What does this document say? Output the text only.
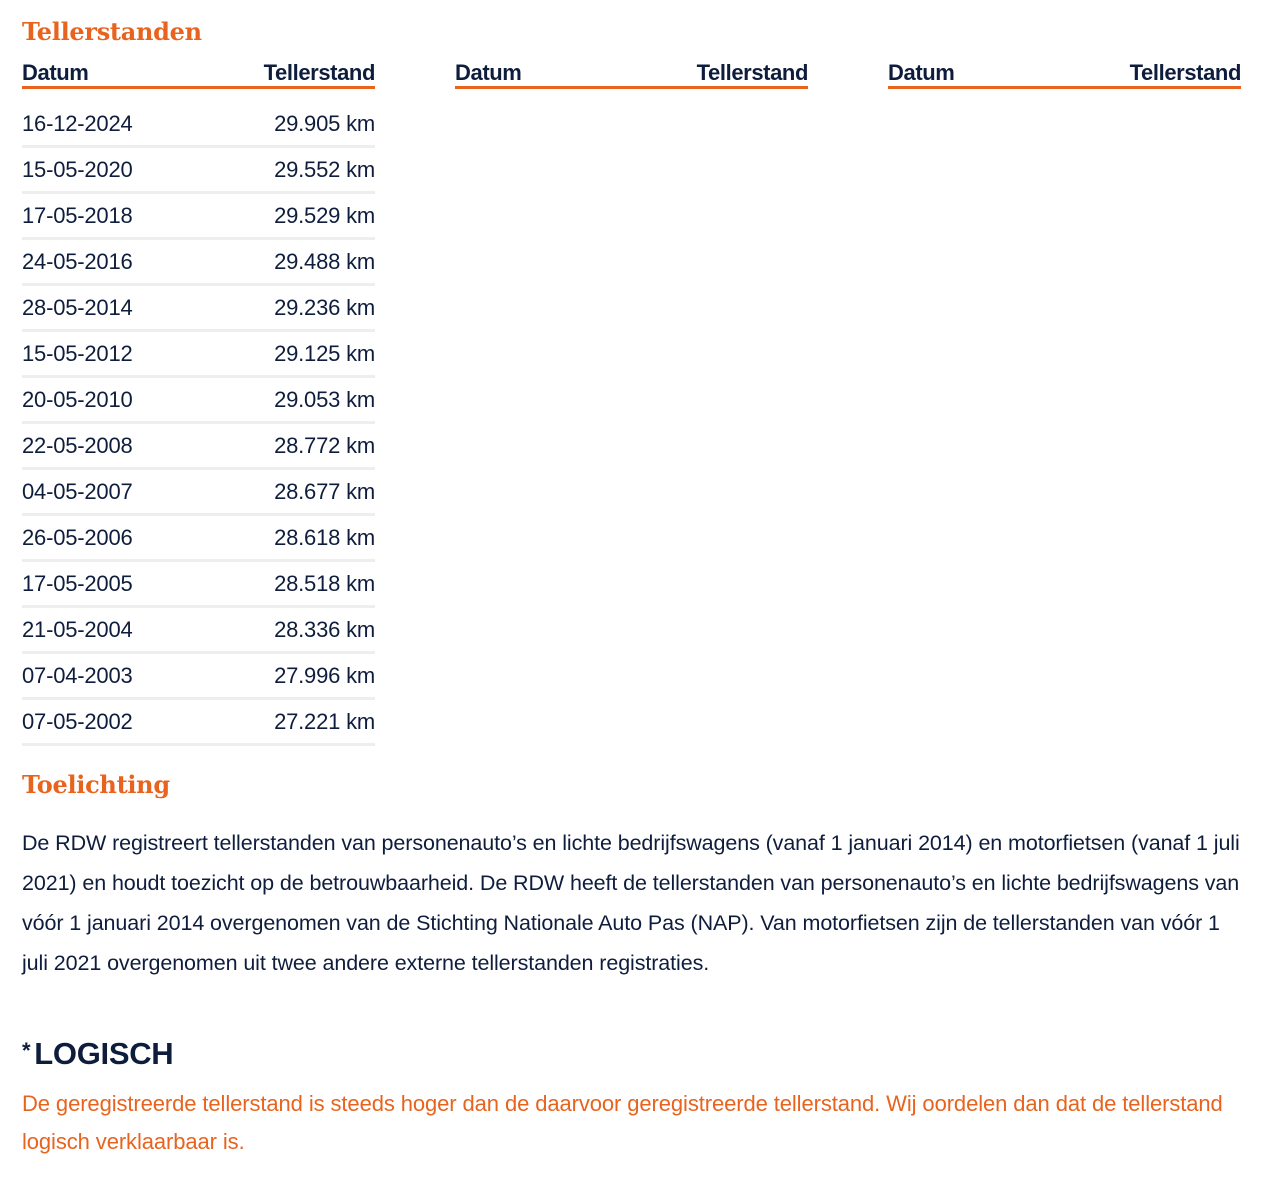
Tellerstanden
Datum	Tellerstand
16-12-2024	29.905 km
15-05-2020	29.552 km
17-05-2018	29.529 km
24-05-2016	29.488 km
28-05-2014	29.236 km
15-05-2012	29.125 km
20-05-2010	29.053 km
22-05-2008	28.772 km
04-05-2007	28.677 km
26-05-2006	28.618 km
17-05-2005	28.518 km
21-05-2004	28.336 km
07-04-2003	27.996 km
07-05-2002	27.221 km
Datum	Tellerstand	Datum	Tellerstand
Toelichting

De RDW registreert tellerstanden van personenauto’s en lichte bedrijfswagens (vanaf 1 januari 2014) en motorfietsen (vanaf 1 juli 2021) en houdt toezicht op de betrouwbaarheid. De RDW heeft de tellerstanden van personenauto’s en lichte bedrijfswagens van vóór 1 januari 2014 overgenomen van de Stichting Nationale Auto Pas (NAP). Van motorfietsen zijn de tellerstanden van vóór 1 juli 2021 overgenomen uit twee andere externe tellerstanden registraties.

* LOGISCH

De geregistreerde tellerstand is steeds hoger dan de daarvoor geregistreerde tellerstand. Wij oordelen dan dat de tellerstand logisch verklaarbaar is.
